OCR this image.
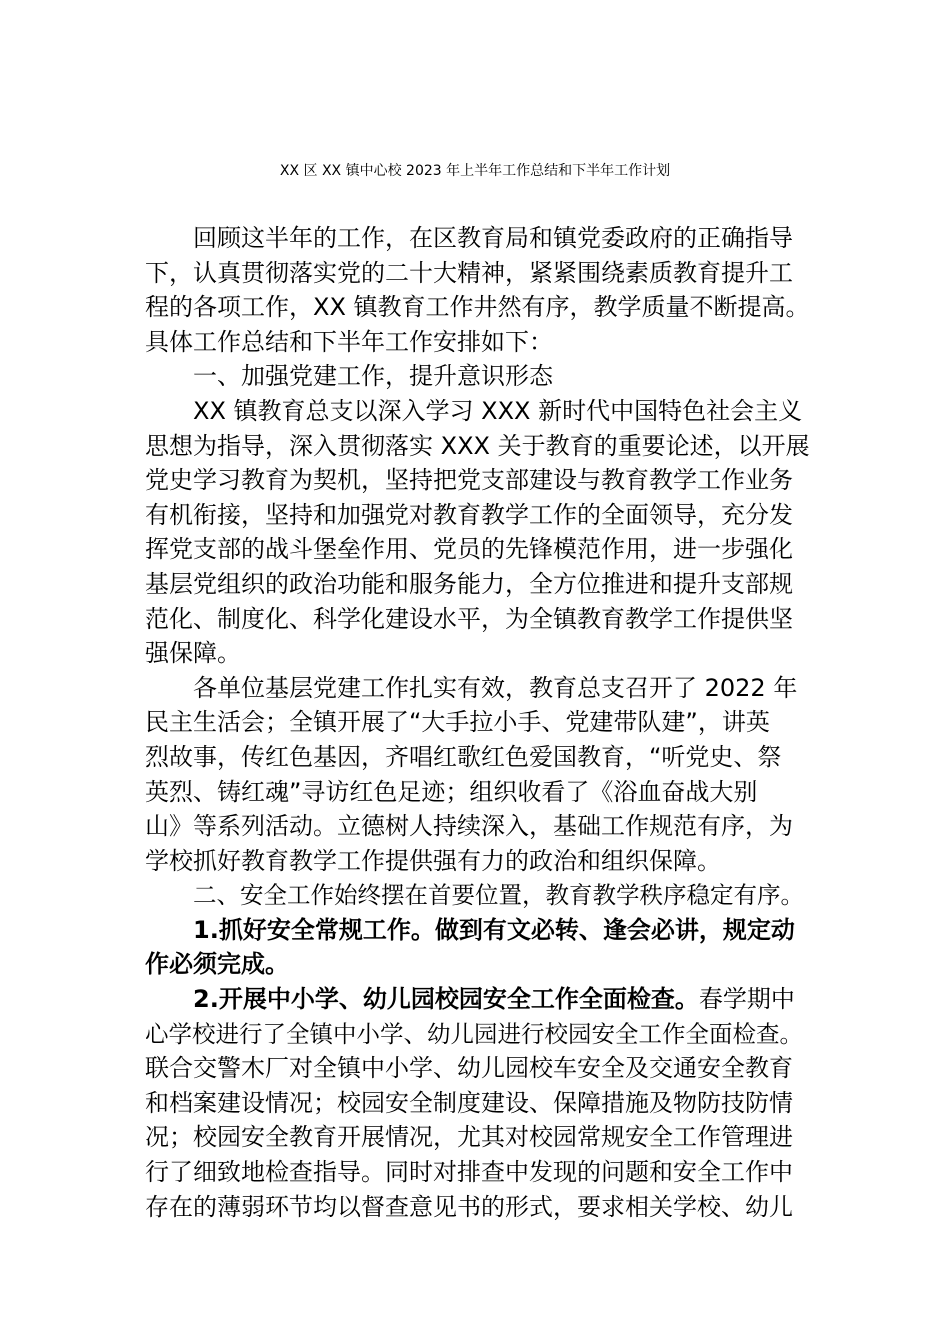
XX 区 XX 镇中心校 2023 年上半年工作总结和下半年工作计划
回顾这半年的工作，在区教育局和镇党委政府的正确指导
下，认真贯彻落实党的二十大精神，紧紧围绕素质教育提升工
程的各项工作，XX 镇教育工作井然有序，教学质量不断提高。
具体工作总结和下半年工作安排如下：
一、加强党建工作，提升意识形态
XX 镇教育总支以深入学习 XXX 新时代中国特色社会主义
思想为指导，深入贯彻落实 XXX 关于教育的重要论述，以开展
党史学习教育为契机，坚持把党支部建设与教育教学工作业务
有机衔接，坚持和加强党对教育教学工作的全面领导，充分发
挥党支部的战斗堡垒作用、党员的先锋模范作用，进一步强化
基层党组织的政治功能和服务能力，全方位推进和提升支部规
范化、制度化、科学化建设水平，为全镇教育教学工作提供坚
强保障。
各单位基层党建工作扎实有效，教育总支召开了 2022 年
民主生活会；全镇开展了“大手拉小手、党建带队建”，讲英
烈故事，传红色基因，齐唱红歌红色爱国教育，“听党史、祭
英烈、铸红魂”寻访红色足迹；组织收看了《浴血奋战大别
山》等系列活动。立德树人持续深入，基础工作规范有序，为
学校抓好教育教学工作提供强有力的政治和组织保障。
二、安全工作始终摆在首要位置，教育教学秩序稳定有序。
1.抓好安全常规工作。做到有文必转、逢会必讲，规定动
作必须完成。
2.开展中小学、幼儿园校园安全工作全面检查。春学期中
心学校进行了全镇中小学、幼儿园进行校园安全工作全面检查。
联合交警木厂对全镇中小学、幼儿园校车安全及交通安全教育
和档案建设情况；校园安全制度建设、保障措施及物防技防情
况；校园安全教育开展情况，尤其对校园常规安全工作管理进
行了细致地检查指导。同时对排查中发现的问题和安全工作中
存在的薄弱环节均以督查意见书的形式，要求相关学校、幼儿
